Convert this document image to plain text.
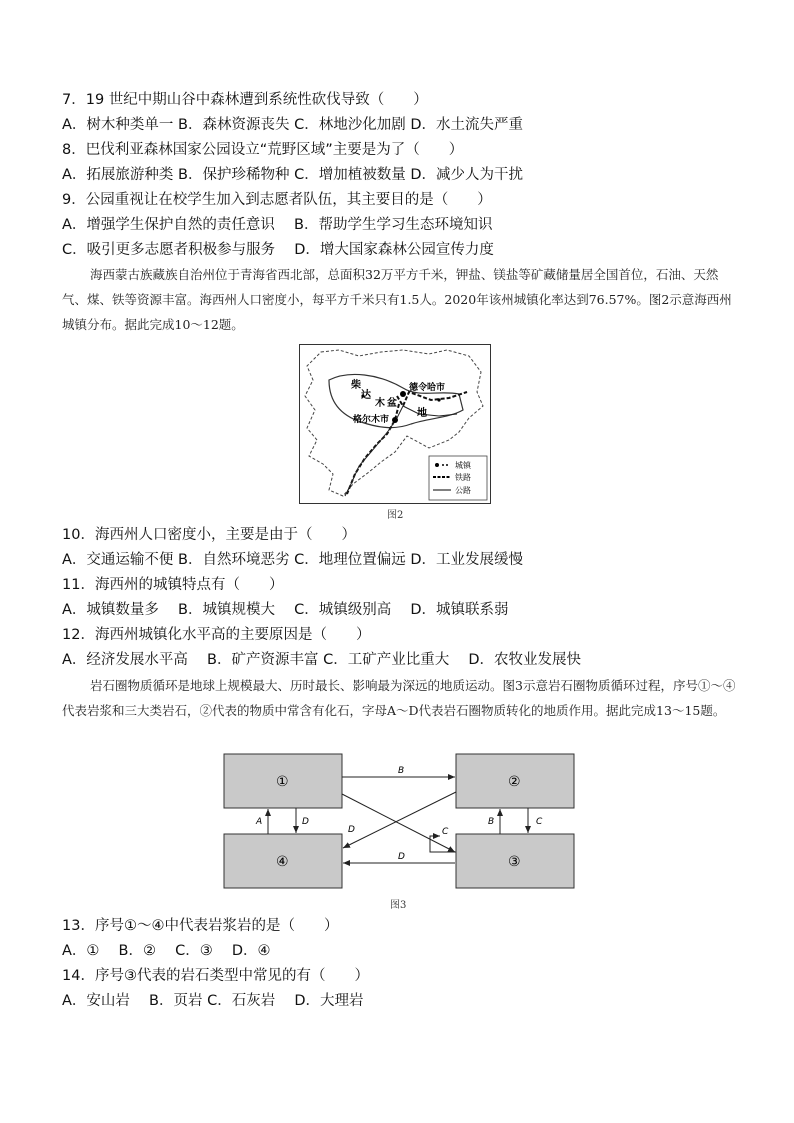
7．19 世纪中期山谷中森林遭到系统性砍伐导致（　　）
A．树木种类单一 B．森林资源丧失 C．林地沙化加剧 D．水土流失严重
8．巴伐利亚森林国家公园设立“荒野区域”主要是为了（　　）
A．拓展旅游种类 B．保护珍稀物种 C．增加植被数量 D．减少人为干扰
9．公园重视让在校学生加入到志愿者队伍，其主要目的是（　　）
A．增强学生保护自然的责任意识　 B．帮助学生学习生态环境知识
C．吸引更多志愿者积极参与服务　 D．增大国家森林公园宣传力度
海西蒙古族藏族自治州位于青海省西北部，总面积32万平方千米，钾盐、镁盐等矿藏储量居全国首位，石油、天然气、煤、铁等资源丰富。海西州人口密度小，每平方千米只有1.5人。2020年该州城镇化率达到76.57%。图2示意海西州城镇分布。据此完成10～12题。
柴
达
木 盆
地
德令哈市
格尔木市
城镇
铁路
公路
图2
10．海西州人口密度小，主要是由于（　　）
A．交通运输不便 B．自然环境恶劣 C．地理位置偏远 D．工业发展缓慢
11．海西州的城镇特点有（　　）
A．城镇数量多　 B．城镇规模大　 C．城镇级别高　 D．城镇联系弱
12．海西州城镇化水平高的主要原因是（　　）
A．经济发展水平高　 B．矿产资源丰富 C．工矿产业比重大　 D．农牧业发展快
岩石圈物质循环是地球上规模最大、历时最长、影响最为深远的地质运动。图3示意岩石圈物质循环过程，序号①～④代表岩浆和三大类岩石，②代表的物质中常含有化石，字母A～D代表岩石圈物质转化的地质作用。据此完成13～15题。
①	②
③
④
B
A	D	B	C
D	C
D
图3
13．序号①～④中代表岩浆岩的是（　　）
A．①　 B．②　 C．③　 D．④
14．序号③代表的岩石类型中常见的有（　　）
A．安山岩　 B．页岩 C．石灰岩　 D．大理岩
